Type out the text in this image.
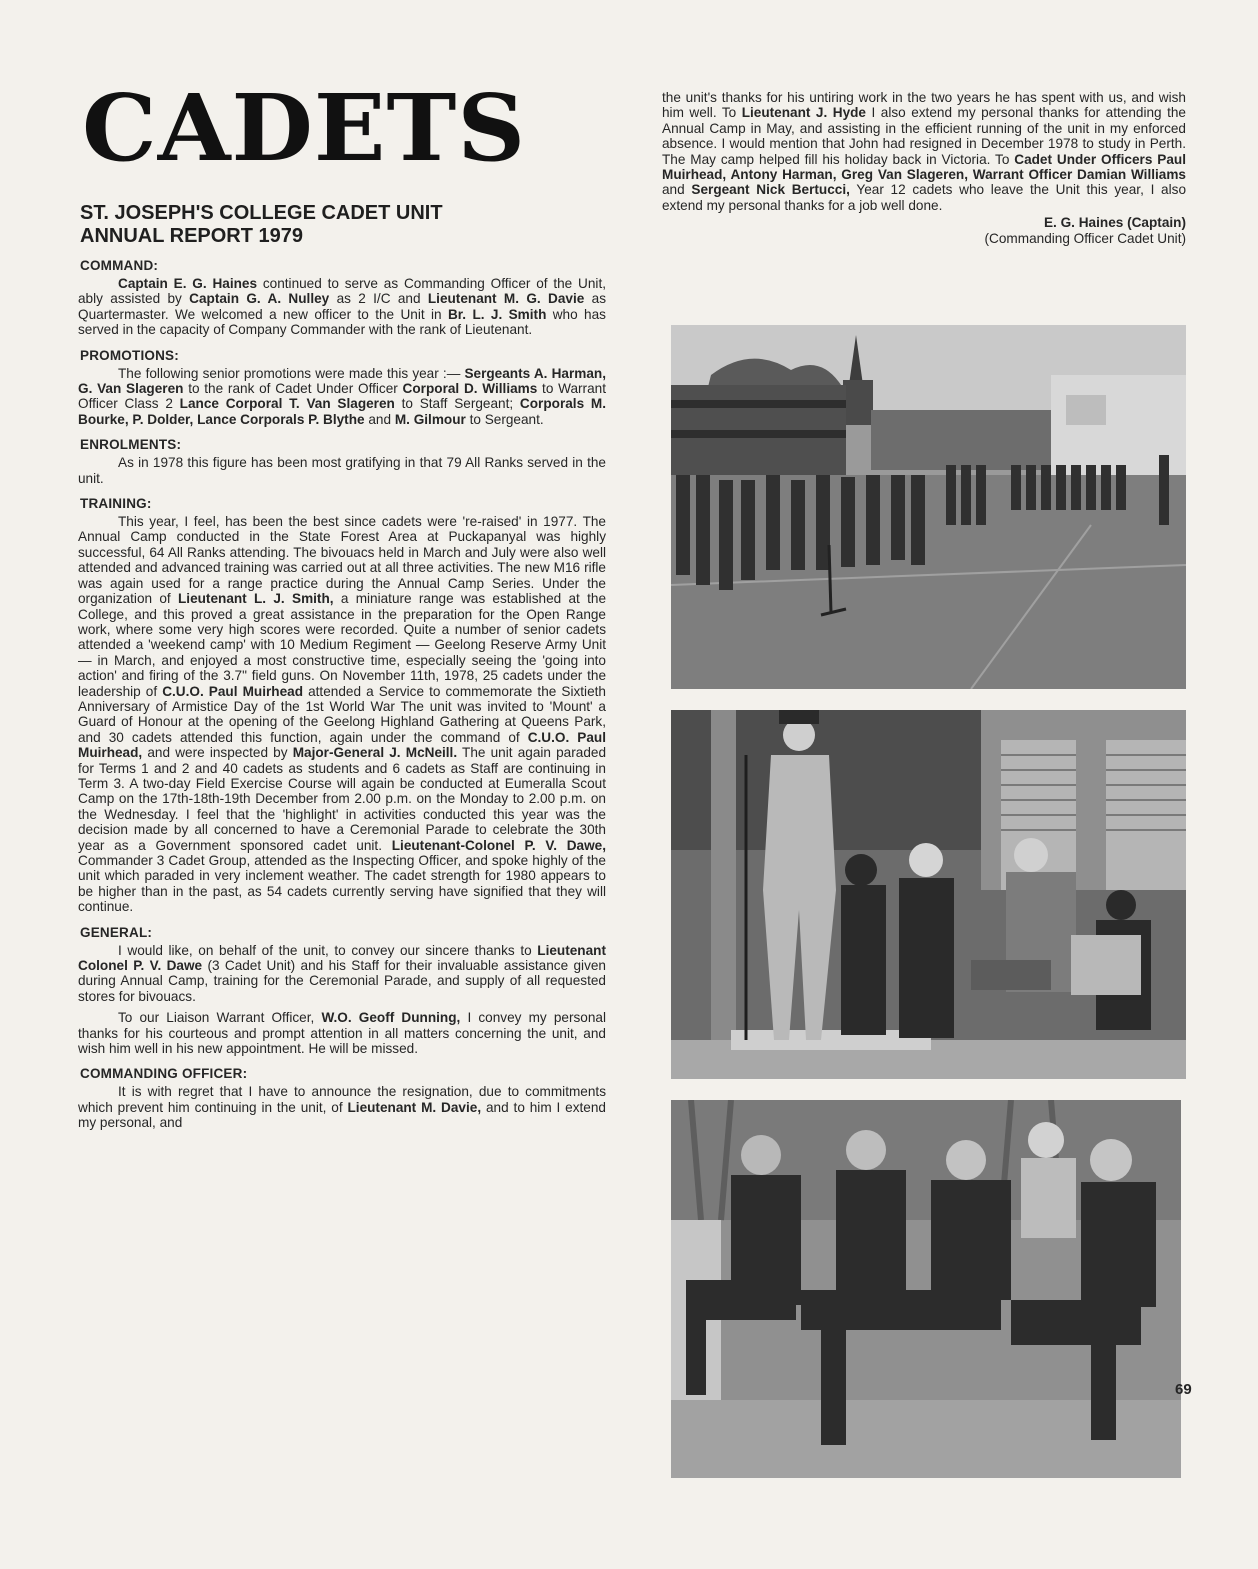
CADETS
ST. JOSEPH'S COLLEGE CADET UNIT
ANNUAL REPORT 1979
COMMAND:

Captain E. G. Haines continued to serve as Commanding Officer of the Unit, ably assisted by Captain G. A. Nulley as 2 I/C and Lieutenant M. G. Davie as Quartermaster. We welcomed a new officer to the Unit in Br. L. J. Smith who has served in the capacity of Company Commander with the rank of Lieutenant.

PROMOTIONS:

The following senior promotions were made this year :— Sergeants A. Harman, G. Van Slageren to the rank of Cadet Under Officer Corporal D. Williams to Warrant Officer Class 2 Lance Corporal T. Van Slageren to Staff Sergeant; Corporals M. Bourke, P. Dolder, Lance Corporals P. Blythe and M. Gilmour to Sergeant.

ENROLMENTS:

As in 1978 this figure has been most gratifying in that 79 All Ranks served in the unit.

TRAINING:

This year, I feel, has been the best since cadets were 're-raised' in 1977. The Annual Camp conducted in the State Forest Area at Puckapanyal was highly successful, 64 All Ranks attending. The bivouacs held in March and July were also well attended and advanced training was carried out at all three activities. The new M16 rifle was again used for a range practice during the Annual Camp Series. Under the organization of Lieutenant L. J. Smith, a miniature range was established at the College, and this proved a great assistance in the preparation for the Open Range work, where some very high scores were recorded. Quite a number of senior cadets attended a 'weekend camp' with 10 Medium Regiment — Geelong Reserve Army Unit — in March, and enjoyed a most constructive time, especially seeing the 'going into action' and firing of the 3.7" field guns. On November 11th, 1978, 25 cadets under the leadership of C.U.O. Paul Muirhead attended a Service to commemorate the Sixtieth Anniversary of Armistice Day of the 1st World War The unit was invited to 'Mount' a Guard of Honour at the opening of the Geelong Highland Gathering at Queens Park, and 30 cadets attended this function, again under the command of C.U.O. Paul Muirhead, and were inspected by Major-General J. McNeill. The unit again paraded for Terms 1 and 2 and 40 cadets as students and 6 cadets as Staff are continuing in Term 3. A two-day Field Exercise Course will again be conducted at Eumeralla Scout Camp on the 17th-18th-19th December from 2.00 p.m. on the Monday to 2.00 p.m. on the Wednesday. I feel that the 'highlight' in activities conducted this year was the decision made by all concerned to have a Ceremonial Parade to celebrate the 30th year as a Government sponsored cadet unit. Lieutenant-Colonel P. V. Dawe, Commander 3 Cadet Group, attended as the Inspecting Officer, and spoke highly of the unit which paraded in very inclement weather. The cadet strength for 1980 appears to be higher than in the past, as 54 cadets currently serving have signified that they will continue.

GENERAL:

I would like, on behalf of the unit, to convey our sincere thanks to Lieutenant Colonel P. V. Dawe (3 Cadet Unit) and his Staff for their invaluable assistance given during Annual Camp, training for the Ceremonial Parade, and supply of all requested stores for bivouacs.

To our Liaison Warrant Officer, W.O. Geoff Dunning, I convey my personal thanks for his courteous and prompt attention in all matters concerning the unit, and wish him well in his new appointment. He will be missed.

COMMANDING OFFICER:

It is with regret that I have to announce the resignation, due to commitments which prevent him continuing in the unit, of Lieutenant M. Davie, and to him I extend my personal, and

the unit's thanks for his untiring work in the two years he has spent with us, and wish him well. To Lieutenant J. Hyde I also extend my personal thanks for attending the Annual Camp in May, and assisting in the efficient running of the unit in my enforced absence. I would mention that John had resigned in December 1978 to study in Perth. The May camp helped fill his holiday back in Victoria. To Cadet Under Officers Paul Muirhead, Antony Harman, Greg Van Slageren, Warrant Officer Damian Williams and Sergeant Nick Bertucci, Year 12 cadets who leave the Unit this year, I also extend my personal thanks for a job well done.

E. G. Haines (Captain)
(Commanding Officer Cadet Unit)
69
